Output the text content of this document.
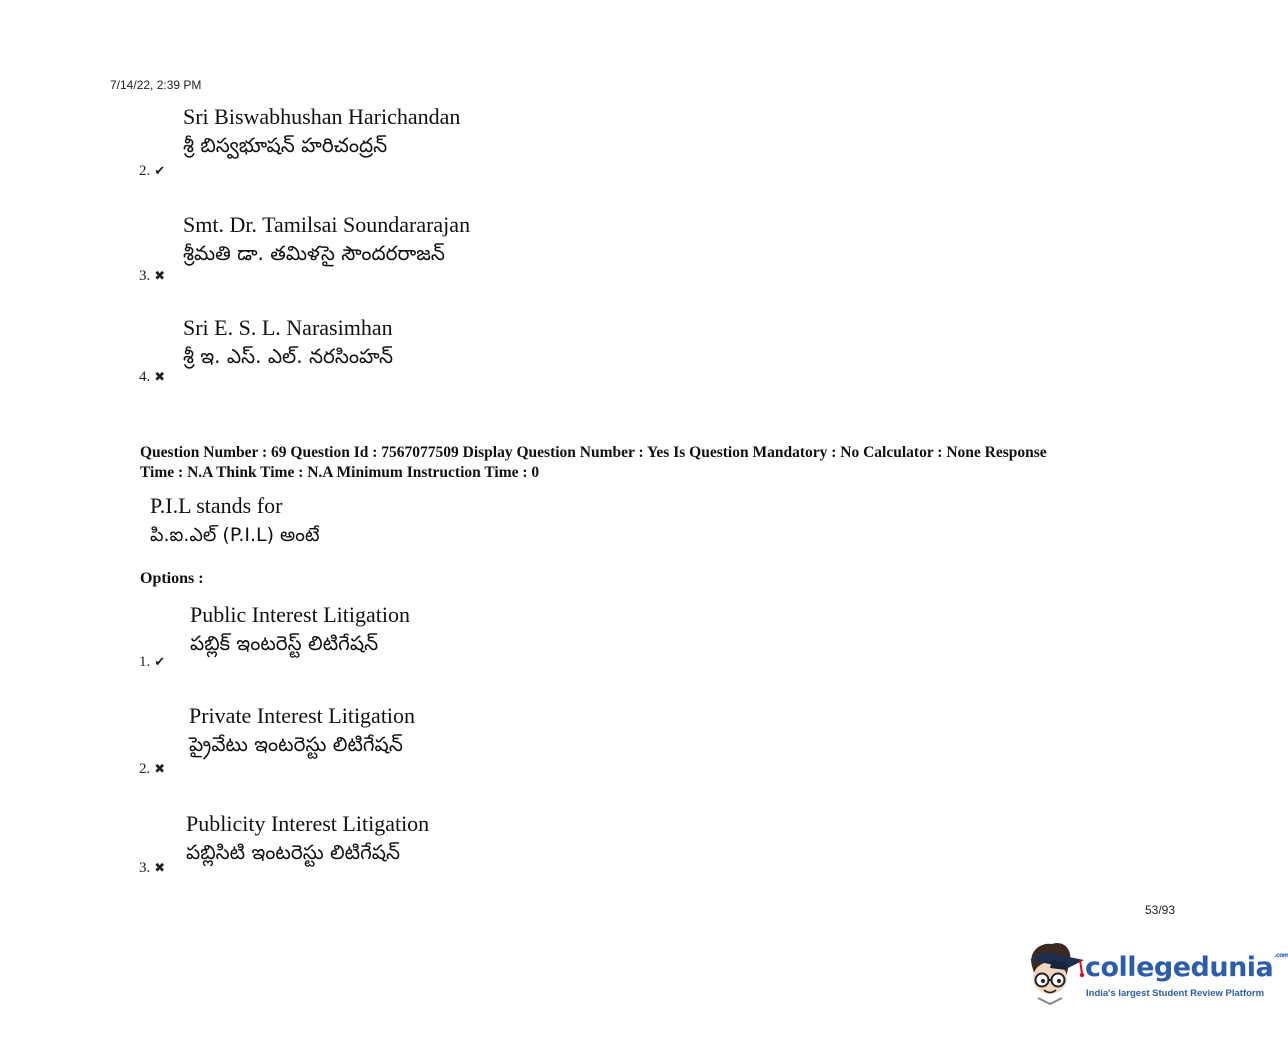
7/14/22, 2:39 PM
Sri Biswabhushan Harichandan
శ్రీ బిస్వభూషన్ హరిచంద్రన్
2. ✔
Smt. Dr. Tamilsai Soundararajan
శ్రీమతి డా. తమిళసై సౌందరరాజన్
3. ✖
Sri E. S. L. Narasimhan
శ్రీ ఇ. ఎస్. ఎల్. నరసింహన్
4. ✖
Question Number : 69 Question Id : 7567077509 Display Question Number : Yes Is Question Mandatory : No Calculator : None Response
Time : N.A Think Time : N.A Minimum Instruction Time : 0
P.I.L stands for
పి.ఐ.ఎల్ (P.I.L) అంటే
Options :
Public Interest Litigation
పబ్లిక్ ఇంటరెస్ట్ లిటిగేషన్
1. ✔
Private Interest Litigation
ప్రైవేటు ఇంటరెస్టు లిటిగేషన్
2. ✖
Publicity Interest Litigation
పబ్లిసిటి ఇంటరెస్టు లిటిగేషన్
3. ✖
53/93
collegedunia$^{.com}$
India's largest Student Review Platform
